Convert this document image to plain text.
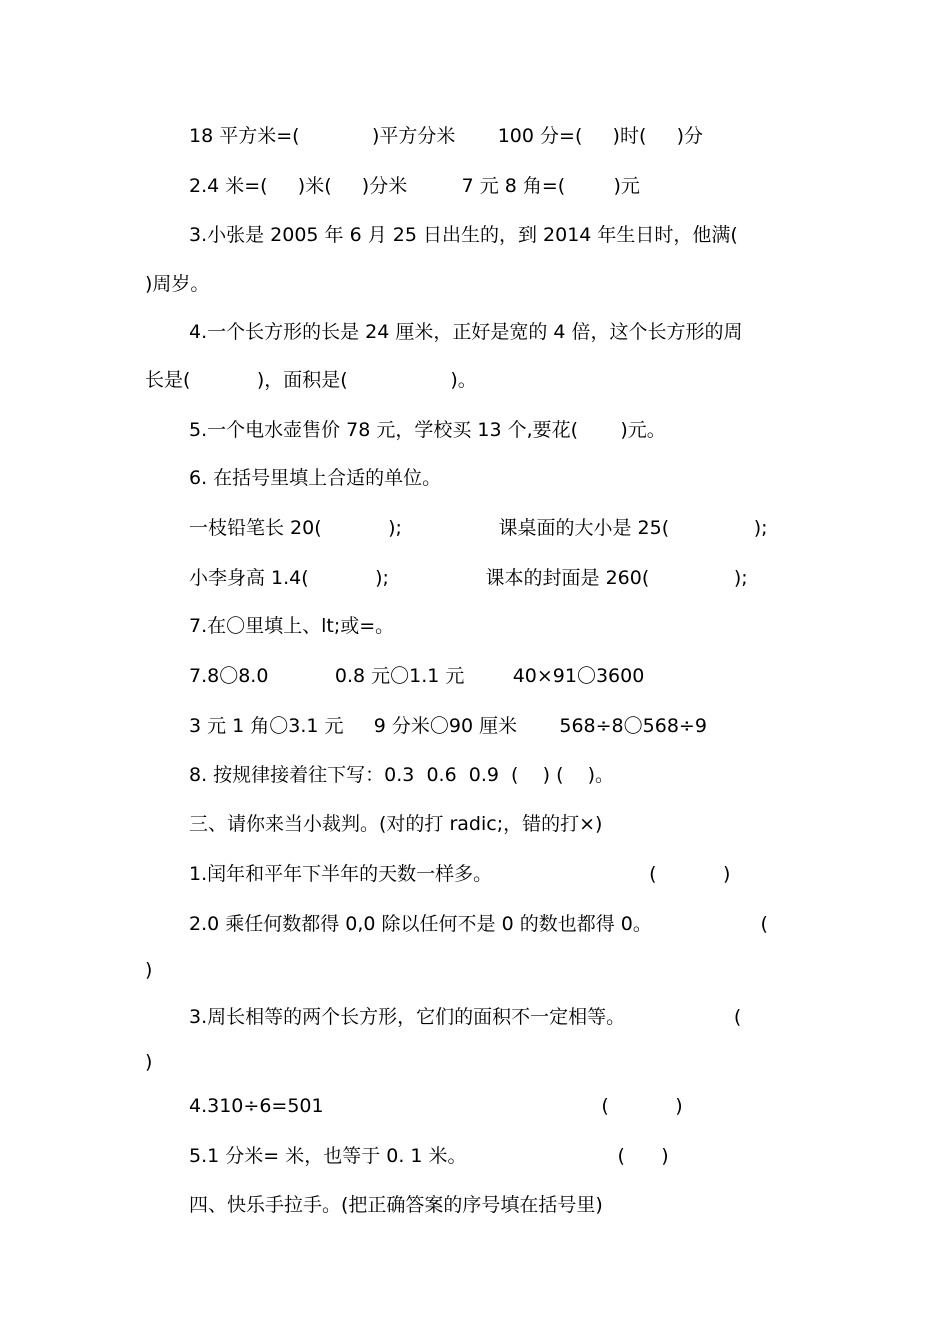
18 平方米=(            )平方分米       100 分=(     )时(     )分
2.4 米=(     )米(     )分米         7 元 8 角=(        )元
3.小张是 2005 年 6 月 25 日出生的，到 2014 年生日时，他满(
)周岁。
4.一个长方形的长是 24 厘米，正好是宽的 4 倍，这个长方形的周
长是(           )，面积是(                 )。
5.一个电水壶售价 78 元，学校买 13 个,要花(       )元。
6. 在括号里填上合适的单位。
一枝铅笔长 20(           );                课桌面的大小是 25(              );
小李身高 1.4(           );                课本的封面是 260(              );
7.在〇里填上、lt;或=。
7.8〇8.0           0.8 元〇1.1 元        40×91〇3600
3 元 1 角〇3.1 元     9 分米〇90 厘米       568÷8〇568÷9
8. 按规律接着往下写：0.3  0.6  0.9  (    ) (    )。
三、请你来当小裁判。(对的打 radic;，错的打×)
1.闰年和平年下半年的天数一样多。                          (           )
2.0 乘任何数都得 0,0 除以任何不是 0 的数也都得 0。                  (
)
3.周长相等的两个长方形，它们的面积不一定相等。                  (
)
4.310÷6=501                                              (           )
5.1 分米= 米，也等于 0. 1 米。                         (      )
四、快乐手拉手。(把正确答案的序号填在括号里)
